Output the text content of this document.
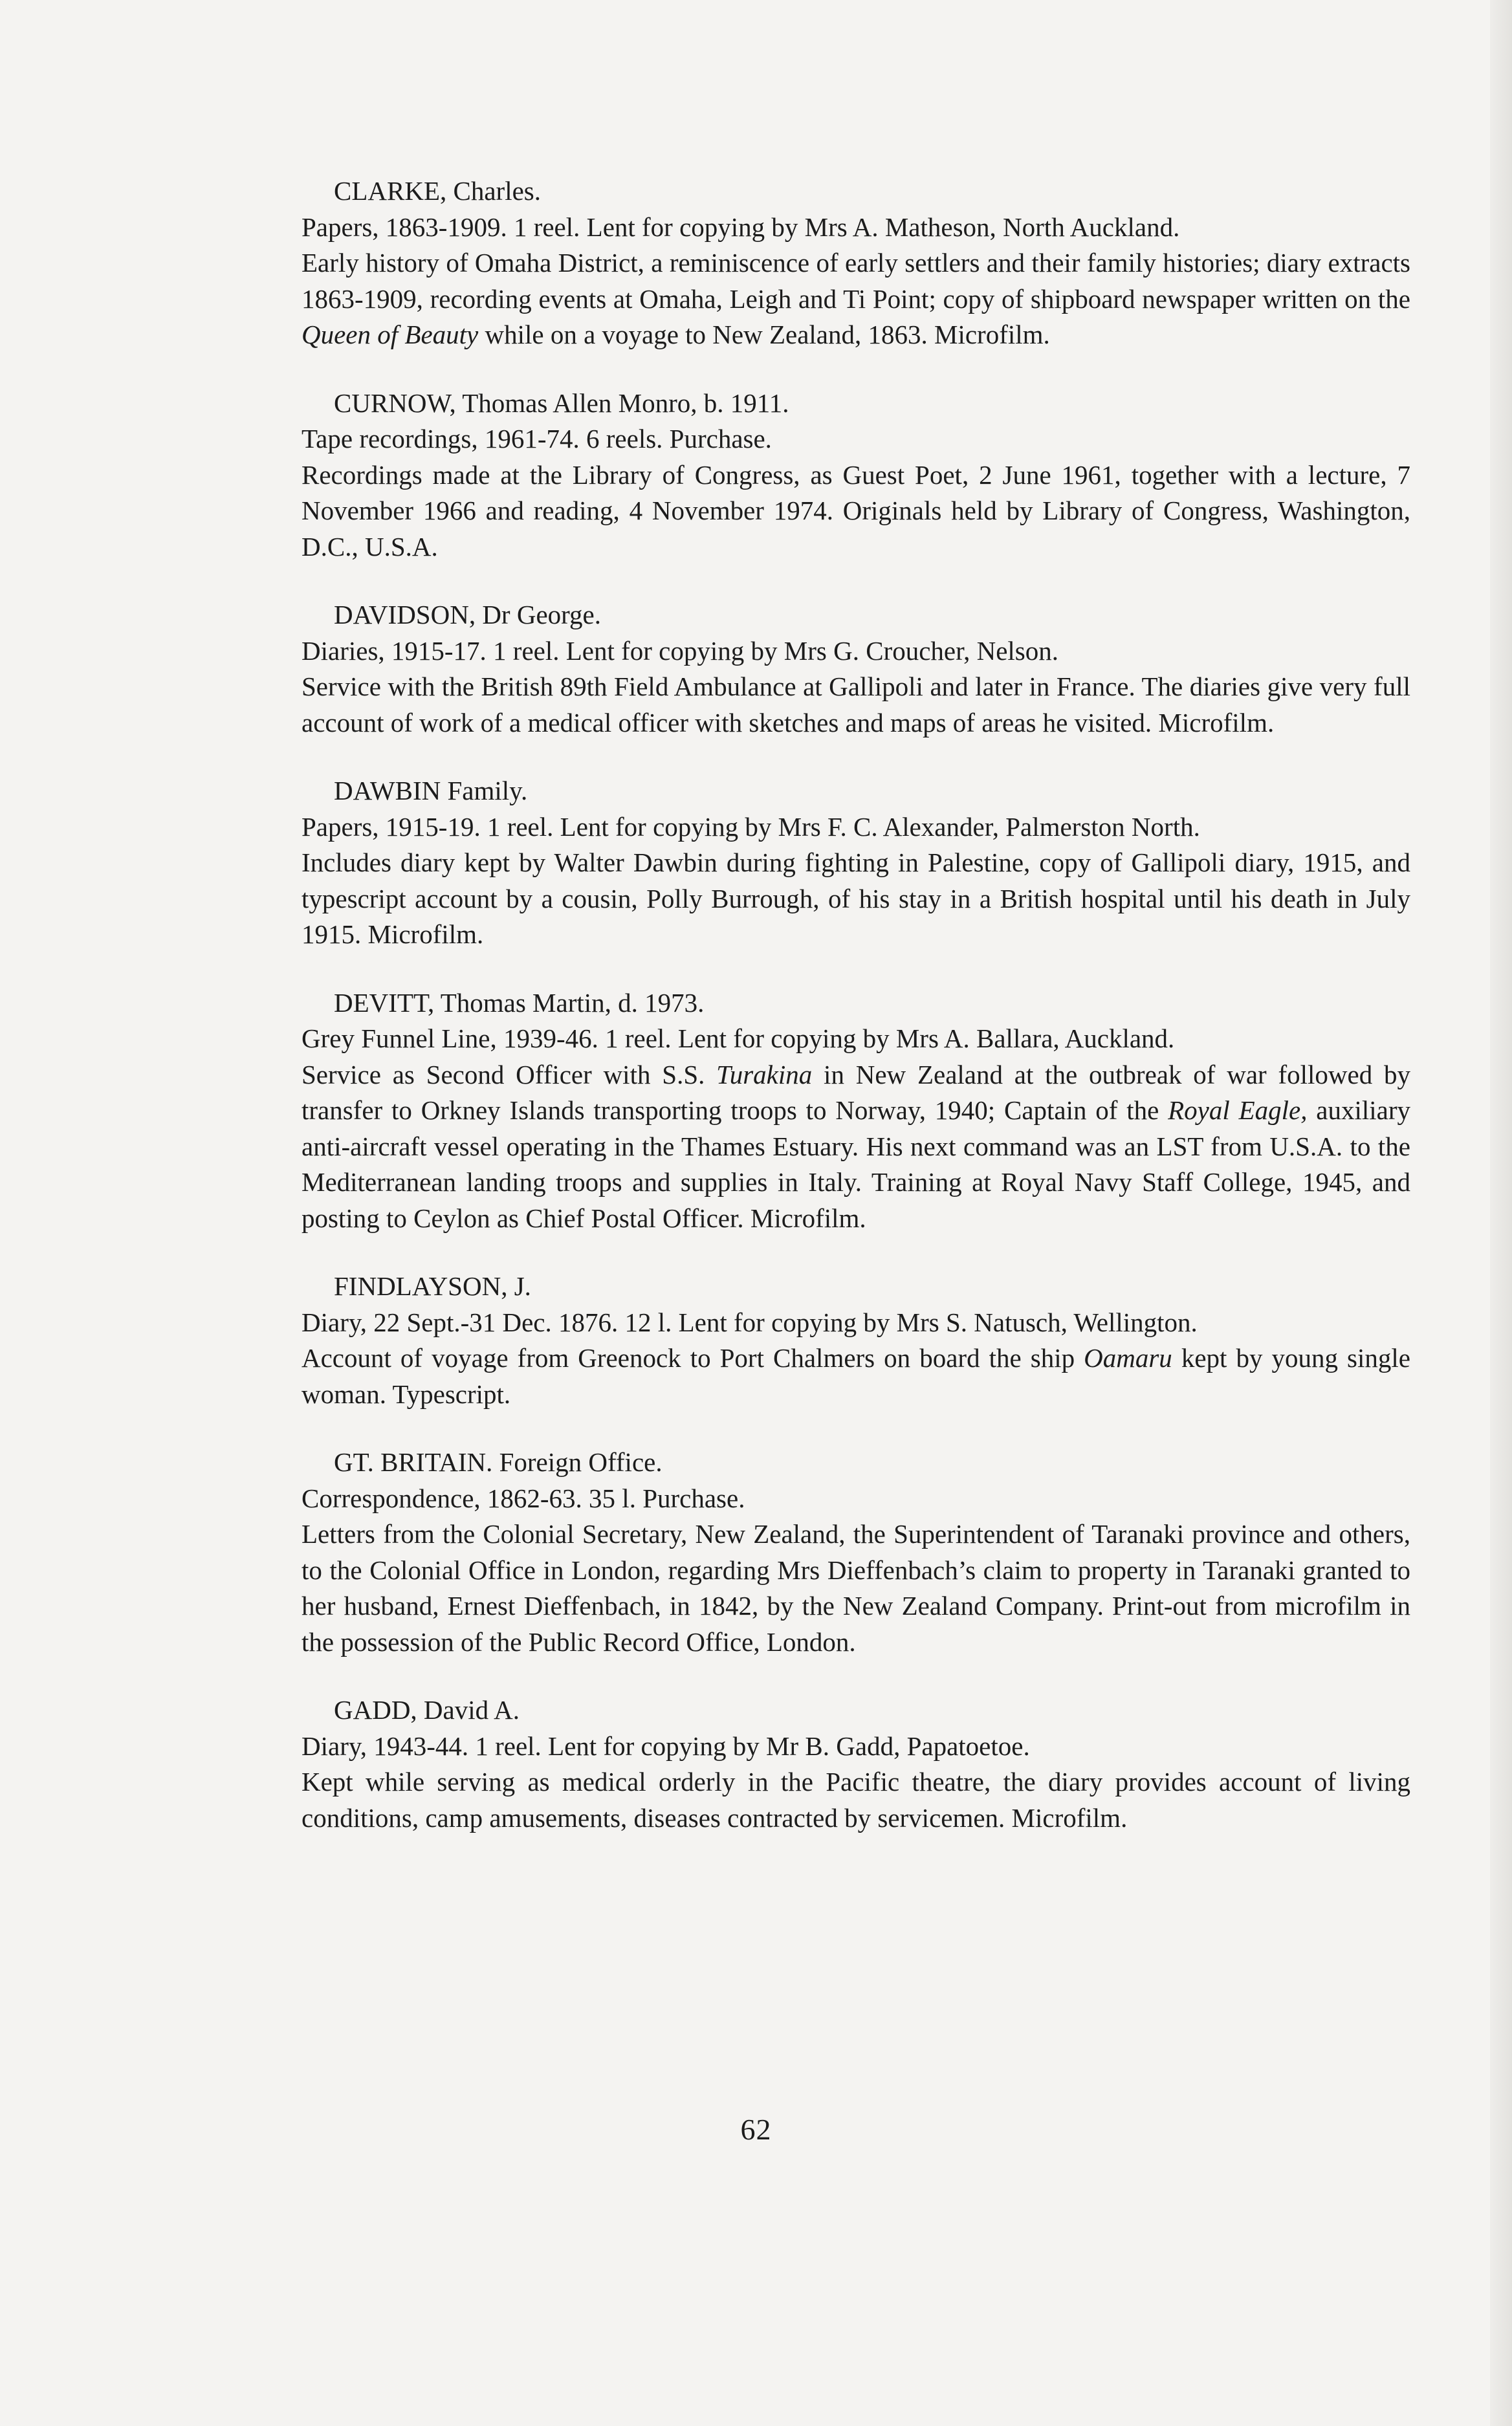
CLARKE, Charles.

Papers, 1863-1909. 1 reel. Lent for copying by Mrs A. Matheson, North Auckland.

Early history of Omaha District, a reminiscence of early settlers and their family histories; diary extracts 1863-1909, recording events at Omaha, Leigh and Ti Point; copy of shipboard newspaper written on the Queen of Beauty while on a voyage to New Zealand, 1863. Microfilm.

CURNOW, Thomas Allen Monro, b. 1911.

Tape recordings, 1961-74. 6 reels. Purchase.

Recordings made at the Library of Congress, as Guest Poet, 2 June 1961, together with a lecture, 7 November 1966 and reading, 4 November 1974. Originals held by Library of Congress, Washington, D.C., U.S.A.

DAVIDSON, Dr George.

Diaries, 1915-17. 1 reel. Lent for copying by Mrs G. Croucher, Nelson.

Service with the British 89th Field Ambulance at Gallipoli and later in France. The diaries give very full account of work of a medical officer with sketches and maps of areas he visited. Microfilm.

DAWBIN Family.

Papers, 1915-19. 1 reel. Lent for copying by Mrs F. C. Alexander, Palmerston North.

Includes diary kept by Walter Dawbin during fighting in Palestine, copy of Gallipoli diary, 1915, and typescript account by a cousin, Polly Burrough, of his stay in a British hospital until his death in July 1915. Microfilm.

DEVITT, Thomas Martin, d. 1973.

Grey Funnel Line, 1939-46. 1 reel. Lent for copying by Mrs A. Ballara, Auckland.

Service as Second Officer with S.S. Turakina in New Zealand at the outbreak of war followed by transfer to Orkney Islands transporting troops to Norway, 1940; Captain of the Royal Eagle, auxiliary anti-aircraft vessel operating in the Thames Estuary. His next command was an LST from U.S.A. to the Mediterranean landing troops and supplies in Italy. Training at Royal Navy Staff College, 1945, and posting to Ceylon as Chief Postal Officer. Microfilm.

FINDLAYSON, J.

Diary, 22 Sept.-31 Dec. 1876. 12 l. Lent for copying by Mrs S. Natusch, Wellington.

Account of voyage from Greenock to Port Chalmers on board the ship Oamaru kept by young single woman. Typescript.

GT. BRITAIN. Foreign Office.

Correspondence, 1862-63. 35 l. Purchase.

Letters from the Colonial Secretary, New Zealand, the Superintendent of Taranaki province and others, to the Colonial Office in London, regarding Mrs Dieffenbach’s claim to property in Taranaki granted to her husband, Ernest Dieffenbach, in 1842, by the New Zealand Company. Print-out from microfilm in the possession of the Public Record Office, London.

GADD, David A.

Diary, 1943-44. 1 reel. Lent for copying by Mr B. Gadd, Papatoetoe.

Kept while serving as medical orderly in the Pacific theatre, the diary provides account of living conditions, camp amusements, diseases contracted by servicemen. Microfilm.

62
